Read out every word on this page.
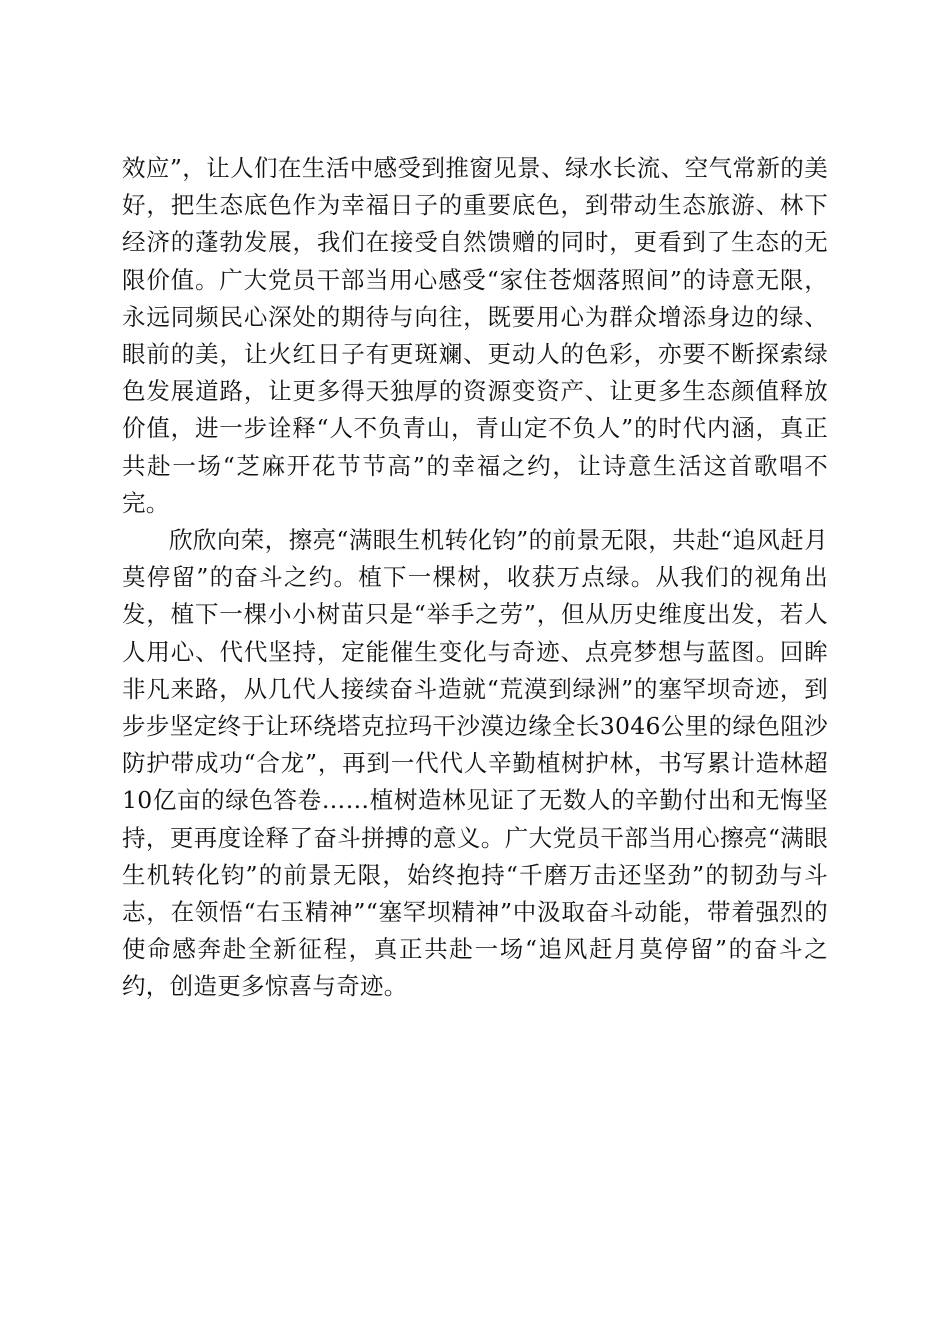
效应”，让人们在生活中感受到推窗见景、绿水长流、空气常新的美好，把生态底色作为幸福日子的重要底色，到带动生态旅游、林下经济的蓬勃发展，我们在接受自然馈赠的同时，更看到了生态的无限价值。广大党员干部当用心感受“家住苍烟落照间”的诗意无限，永远同频民心深处的期待与向往，既要用心为群众增添身边的绿、眼前的美，让火红日子有更斑斓、更动人的色彩，亦要不断探索绿色发展道路，让更多得天独厚的资源变资产、让更多生态颜值释放价值，进一步诠释“人不负青山，青山定不负人”的时代内涵，真正共赴一场“芝麻开花节节高”的幸福之约，让诗意生活这首歌唱不完。

欣欣向荣，擦亮“满眼生机转化钧”的前景无限，共赴“追风赶月莫停留”的奋斗之约。植下一棵树，收获万点绿。从我们的视角出发，植下一棵小小树苗只是“举手之劳”，但从历史维度出发，若人人用心、代代坚持，定能催生变化与奇迹、点亮梦想与蓝图。回眸非凡来路，从几代人接续奋斗造就“荒漠到绿洲”的塞罕坝奇迹，到步步坚定终于让环绕塔克拉玛干沙漠边缘全长3046公里的绿色阻沙防护带成功“合龙”，再到一代代人辛勤植树护林，书写累计造林超10亿亩的绿色答卷……植树造林见证了无数人的辛勤付出和无悔坚持，更再度诠释了奋斗拼搏的意义。广大党员干部当用心擦亮“满眼生机转化钧”的前景无限，始终抱持“千磨万击还坚劲”的韧劲与斗志，在领悟“右玉精神”“塞罕坝精神”中汲取奋斗动能，带着强烈的使命感奔赴全新征程，真正共赴一场“追风赶月莫停留”的奋斗之约，创造更多惊喜与奇迹。
